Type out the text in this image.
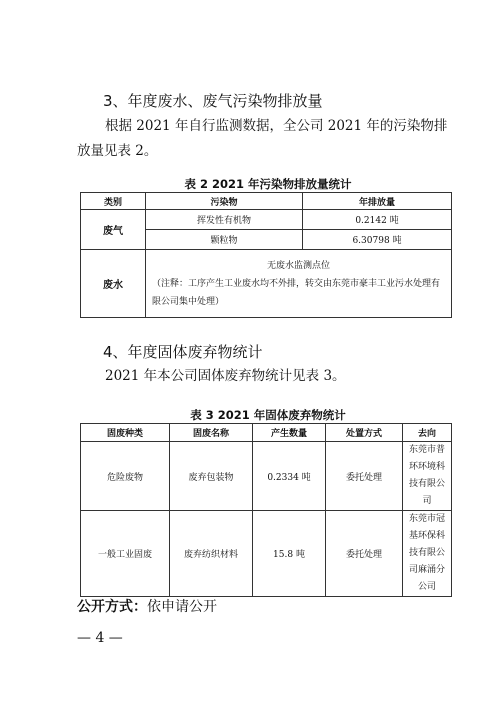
3、年度废水、废气污染物排放量
根据 2021 年自行监测数据，全公司 2021 年的污染物排放量见表 2。
表 2 2021 年污染物排放量统计
类别	污染物	年排放量
废气	挥发性有机物	0.2142 吨
	颗粒物	6.30798 吨
废水	无废水监测点位
（注释：工序产生工业废水均不外排，转交由东莞市豪丰工业污水处理有限公司集中处理）	
4、年度固体废弃物统计
2021 年本公司固体废弃物统计见表 3。
表 3 2021 年固体废弃物统计
固废种类	固废名称	产生数量	处置方式	去向
危险废物	废弃包装物	0.2334 吨	委托处理	东莞市普环环境科技有限公司
一般工业固废	废弃纺织材料	15.8 吨	委托处理	东莞市冠基环保科技有限公司麻涌分公司
公开方式：依申请公开
— 4 —
